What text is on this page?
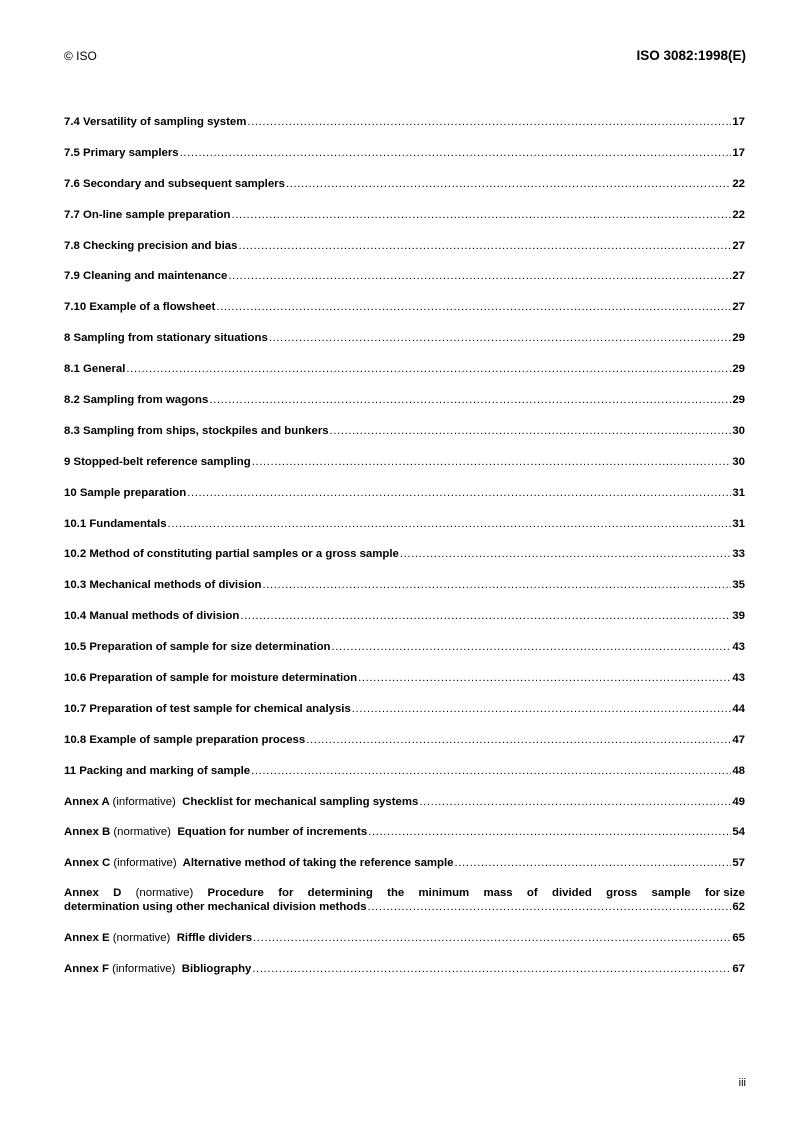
© ISO	ISO 3082:1998(E)
7.4 Versatility of sampling system .....	17
7.5 Primary samplers .....	17
7.6 Secondary and subsequent samplers .....	22
7.7 On-line sample preparation .....	22
7.8 Checking precision and bias .....	27
7.9 Cleaning and maintenance .....	27
7.10 Example of a flowsheet .....	27
8 Sampling from stationary situations .....	29
8.1 General .....	29
8.2 Sampling from wagons .....	29
8.3 Sampling from ships, stockpiles and bunkers .....	30
9 Stopped-belt reference sampling .....	30
10 Sample preparation .....	31
10.1 Fundamentals .....	31
10.2 Method of constituting partial samples or a gross sample .....	33
10.3 Mechanical methods of division .....	35
10.4 Manual methods of division .....	39
10.5 Preparation of sample for size determination .....	43
10.6 Preparation of sample for moisture determination .....	43
10.7 Preparation of test sample for chemical analysis .....	44
10.8 Example of sample preparation process .....	47
11 Packing and marking of sample .....	48
Annex A (informative) Checklist for mechanical sampling systems .....	49
Annex B (normative) Equation for number of increments .....	54
Annex C (informative) Alternative method of taking the reference sample .....	57
Annex D (normative) Procedure for determining the minimum mass of divided gross sample for size
determination using other mechanical division methods .....	62
Annex E (normative) Riffle dividers .....	65
Annex F (informative) Bibliography .....	67
iii
